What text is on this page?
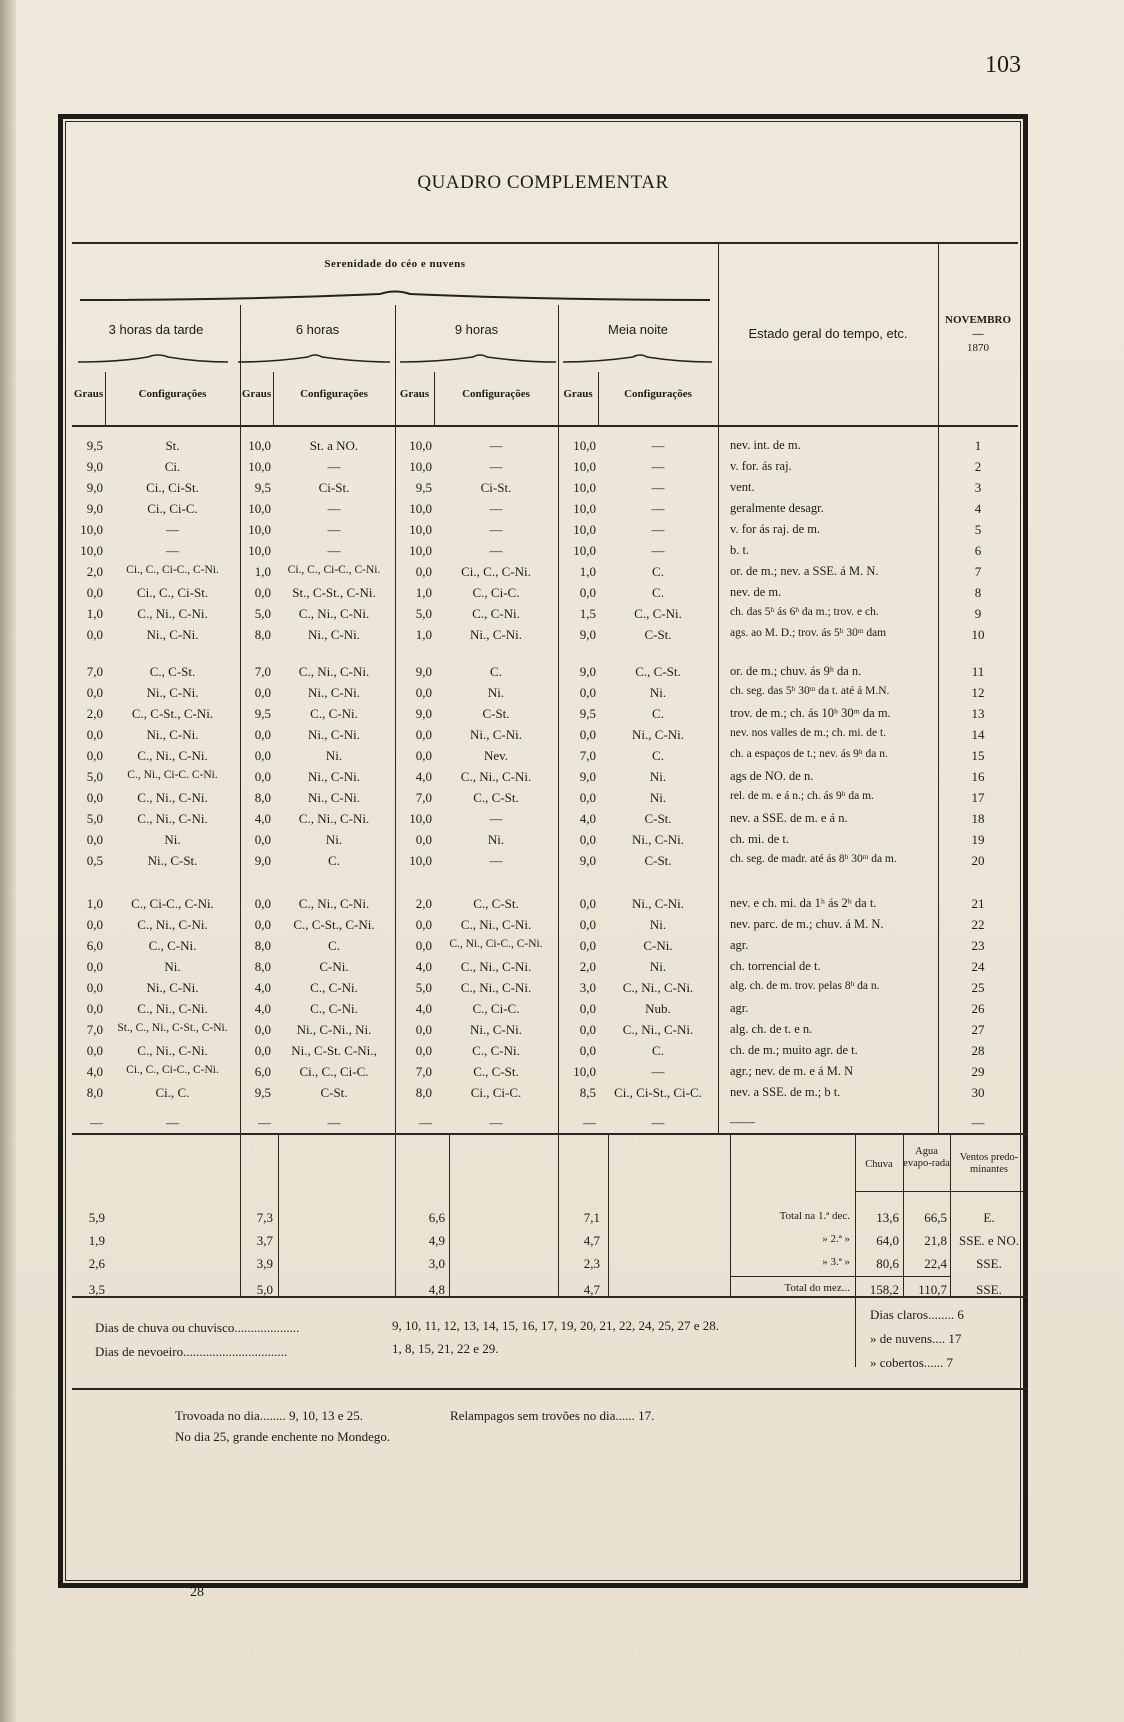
103
QUADRO COMPLEMENTAR
Serenidade do céo e nuvens
3 horas da tarde	6 horas	9 horas	Meia noite	Estado geral do tempo, etc.
NOVEMBRO
—
1870
Graus	Configurações	Graus	Configurações	Graus	Configurações	Graus	Configurações
9,5	St.	10,0	St. a NO.	10,0	—	10,0	—	nev. int. de m.	1
9,0	Ci.	10,0	—	10,0	—	10,0	—	v. for. ás raj.	2
9,0	Ci., Ci-St.	9,5	Ci-St.	9,5	Ci-St.	10,0	—	vent.	3
9,0	Ci., Ci-C.	10,0	—	10,0	—	10,0	—	geralmente desagr.	4
10,0	—	10,0	—	10,0	—	10,0	—	v. for ás raj. de m.	5
10,0	—	10,0	—	10,0	—	10,0	—	b. t.	6
2,0	Ci., C., Ci-C., C-Ni.	1,0	Ci., C., Ci-C., C-Ni.	0,0	Ci., C., C-Ni.	1,0	C.	or. de m.; nev. a SSE. á M. N.	7
0,0	Ci., C., Ci-St.	0,0	St., C-St., C-Ni.	1,0	C., Ci-C.	0,0	C.	nev. de m.	8
1,0	C., Ni., C-Ni.	5,0	C., Ni., C-Ni.	5,0	C., C-Ni.	1,5	C., C-Ni.	ch. das 5ʰ ás 6ʰ da m.; trov. e ch.	9
0,0	Ni., C-Ni.	8,0	Ni., C-Ni.	1,0	Ni., C-Ni.	9,0	C-St.	ags. ao M. D.; trov. ás 5ʰ 30ᵐ dam	10
7,0	C., C-St.	7,0	C., Ni., C-Ni.	9,0	C.	9,0	C., C-St.	or. de m.; chuv. ás 9ʰ da n.	11
0,0	Ni., C-Ni.	0,0	Ni., C-Ni.	0,0	Ni.	0,0	Ni.	ch. seg. das 5ʰ 30ᵐ da t. até á M.N.	12
2,0	C., C-St., C-Ni.	9,5	C., C-Ni.	9,0	C-St.	9,5	C.	trov. de m.; ch. ás 10ʰ 30ᵐ da m.	13
0,0	Ni., C-Ni.	0,0	Ni., C-Ni.	0,0	Ni., C-Ni.	0,0	Ni., C-Ni.	nev. nos valles de m.; ch. mi. de t.	14
0,0	C., Ni., C-Ni.	0,0	Ni.	0,0	Nev.	7,0	C.	ch. a espaços de t.; nev. ás 9ʰ da n.	15
5,0	C., Ni., Ci-C. C-Ni.	0,0	Ni., C-Ni.	4,0	C., Ni., C-Ni.	9,0	Ni.	ags de NO. de n.	16
0,0	C., Ni., C-Ni.	8,0	Ni., C-Ni.	7,0	C., C-St.	0,0	Ni.	rel. de m. e á n.; ch. ás 9ʰ da m.	17
5,0	C., Ni., C-Ni.	4,0	C., Ni., C-Ni.	10,0	—	4,0	C-St.	nev. a SSE. de m. e á n.	18
0,0	Ni.	0,0	Ni.	0,0	Ni.	0,0	Ni., C-Ni.	ch. mi. de t.	19
0,5	Ni., C-St.	9,0	C.	10,0	—	9,0	C-St.	ch. seg. de madr. até ás 8ʰ 30ᵐ da m.	20
1,0	C., Ci-C., C-Ni.	0,0	C., Ni., C-Ni.	2,0	C., C-St.	0,0	Ni., C-Ni.	nev. e ch. mi. da 1ʰ ás 2ʰ da t.	21
0,0	C., Ni., C-Ni.	0,0	C., C-St., C-Ni.	0,0	C., Ni., C-Ni.	0,0	Ni.	nev. parc. de m.; chuv. á M. N.	22
6,0	C., C-Ni.	8,0	C.	0,0	C., Ni., Ci-C., C-Ni.	0,0	C-Ni.	agr.	23
0,0	Ni.	8,0	C-Ni.	4,0	C., Ni., C-Ni.	2,0	Ni.	ch. torrencial de t.	24
0,0	Ni., C-Ni.	4,0	C., C-Ni.	5,0	C., Ni., C-Ni.	3,0	C., Ni., C-Ni.	alg. ch. de m. trov. pelas 8ʰ da n.	25
0,0	C., Ni., C-Ni.	4,0	C., C-Ni.	4,0	C., Ci-C.	0,0	Nub.	agr.	26
7,0	St., C., Ni., C-St., C-Ni.	0,0	Ni., C-Ni., Ni.	0,0	Ni., C-Ni.	0,0	C., Ni., C-Ni.	alg. ch. de t. e n.	27
0,0	C., Ni., C-Ni.	0,0	Ni., C-St. C-Ni.,	0,0	C., C-Ni.	0,0	C.	ch. de m.; muito agr. de t.	28
4,0	Ci., C., Ci-C., C-Ni.	6,0	Ci., C., Ci-C.	7,0	C., C-St.	10,0	—	agr.; nev. de m. e á M. N	29
8,0	Ci., C.	9,5	C-St.	8,0	Ci., Ci-C.	8,5	Ci., Ci-St., Ci-C.	nev. a SSE. de m.; b t.	30
—	—	—	—	—	—	—	—	——	—
Chuva
Agua evapo-rada
Ventos predo-minantes
5,9	7,3	6,6	7,1	Total na 1.ª dec.	13,6	66,5	E.
1,9	3,7	4,9	4,7	» 2.ª »	64,0	21,8 SSE. e NO.
2,6	3,9	3,0	2,3	» 3.ª »	80,6	22,4	SSE.
3,5	5,0	4,8	4,7	Total do mez...	158,2	110,7	SSE.
Dias de chuva ou chuvisco....................	9, 10, 11, 12, 13, 14, 15, 16, 17, 19, 20, 21, 22, 24, 25, 27 e 28.
Dias de nevoeiro................................	1, 8, 15, 21, 22 e 29.
Dias claros........ 6
» de nuvens.... 17
» cobertos...... 7
Trovoada no dia........ 9, 10, 13 e 25.	Relampagos sem trovões no dia...... 17.
No dia 25, grande enchente no Mondego.
28
